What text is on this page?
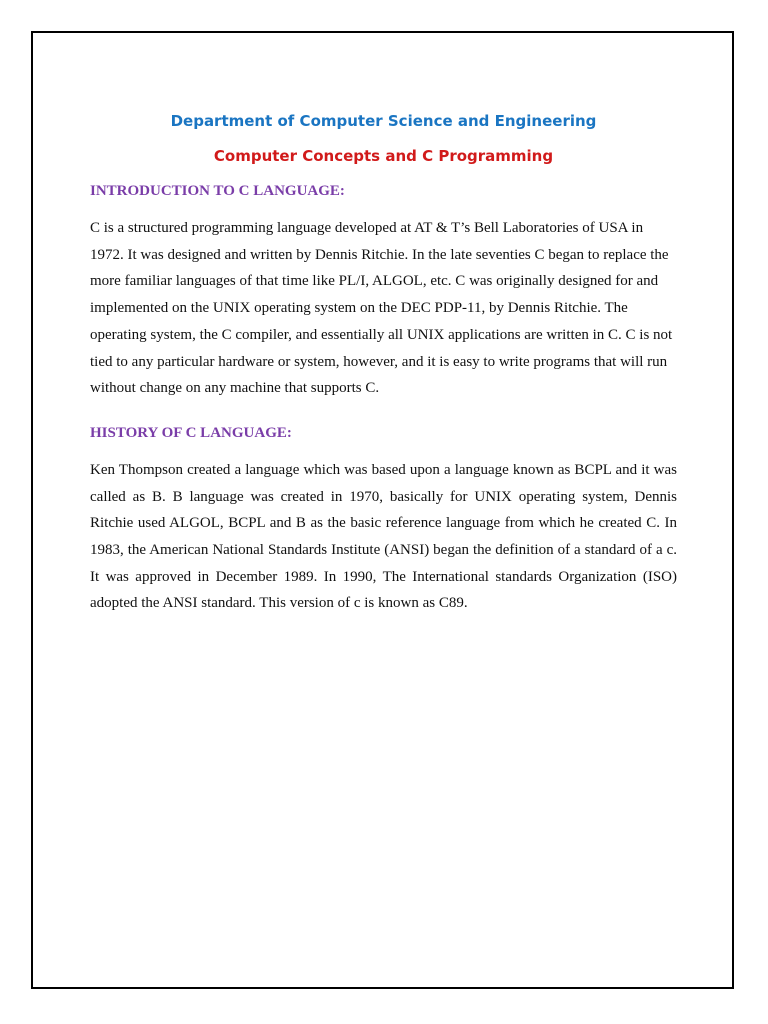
Department of Computer Science and Engineering
Computer Concepts and C Programming
INTRODUCTION TO C LANGUAGE:

C is a structured programming language developed at AT & T’s Bell Laboratories of USA in 1972. It was designed and written by Dennis Ritchie. In the late seventies C began to replace the more familiar languages of that time like PL/I, ALGOL, etc. C was originally designed for and implemented on the UNIX operating system on the DEC PDP-11, by Dennis Ritchie. The operating system, the C compiler, and essentially all UNIX applications are written in C. C is not tied to any particular hardware or system, however, and it is easy to write programs that will run without change on any machine that supports C.

HISTORY OF C LANGUAGE:

Ken Thompson created a language which was based upon a language known as BCPL and it was called as B. B language was created in 1970, basically for UNIX operating system, Dennis Ritchie used ALGOL, BCPL and B as the basic reference language from which he created C. In 1983, the American National Standards Institute (ANSI) began the definition of a standard of a c. It was approved in December 1989. In 1990, The International standards Organization (ISO) adopted the ANSI standard. This version of c is known as C89.
